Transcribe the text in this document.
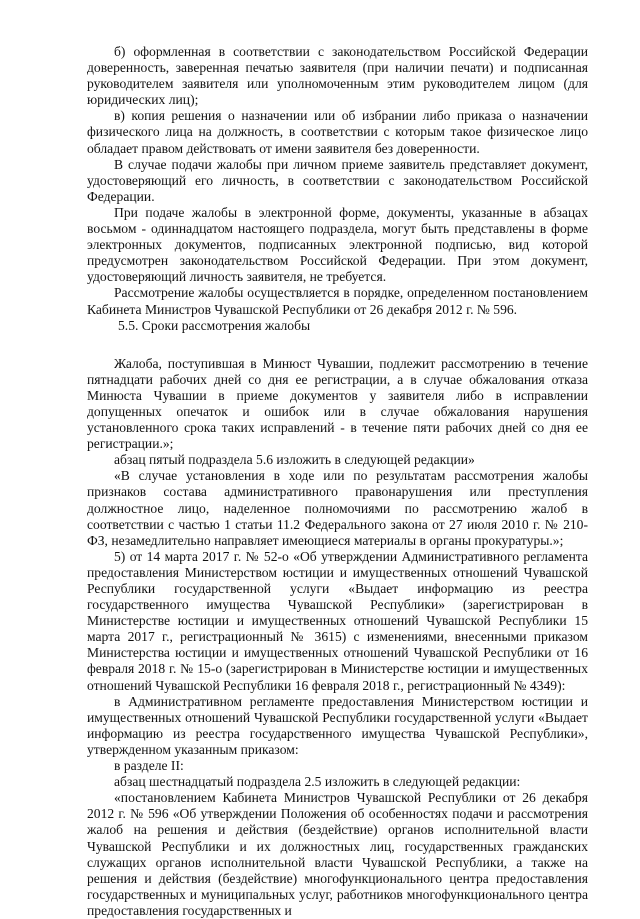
б) оформленная в соответствии с законодательством Российской Федерации доверенность, заверенная печатью заявителя (при наличии печати) и подписанная руководителем заявителя или уполномоченным этим руководителем лицом (для юридических лиц);

в) копия решения о назначении или об избрании либо приказа о назначении физического лица на должность, в соответствии с которым такое физическое лицо обладает правом действовать от имени заявителя без доверенности.

В случае подачи жалобы при личном приеме заявитель представляет документ, удостоверяющий его личность, в соответствии с законодательством Российской Федерации.

При подаче жалобы в электронной форме, документы, указанные в абзацах восьмом - одиннадцатом настоящего подраздела, могут быть представлены в форме электронных документов, подписанных электронной подписью, вид которой предусмотрен законодательством Российской Федерации. При этом документ, удостоверяющий личность заявителя, не требуется.

Рассмотрение жалобы осуществляется в порядке, определенном постановлением Кабинета Министров Чувашской Республики от 26 декабря 2012 г. № 596.

5.5. Сроки рассмотрения жалобы

Жалоба, поступившая в Минюст Чувашии, подлежит рассмотрению в течение пятнадцати рабочих дней со дня ее регистрации, а в случае обжалования отказа Минюста Чувашии в приеме документов у заявителя либо в исправлении допущенных опечаток и ошибок или в случае обжалования нарушения установленного срока таких исправлений - в течение пяти рабочих дней со дня ее регистрации.»;

абзац пятый подраздела 5.6 изложить в следующей редакции»

«В случае установления в ходе или по результатам рассмотрения жалобы признаков состава административного правонарушения или преступления должностное лицо, наделенное полномочиями по рассмотрению жалоб в соответствии с частью 1 статьи 11.2 Федерального закона от 27 июля 2010 г. № 210-ФЗ, незамедлительно направляет имеющиеся материалы в органы прокуратуры.»;

5) от 14 марта 2017 г. № 52-о «Об утверждении Административного регламента предоставления Министерством юстиции и имущественных отношений Чувашской Республики государственной услуги «Выдает информацию из реестра государственного имущества Чувашской Республики» (зарегистрирован в Министерстве юстиции и имущественных отношений Чувашской Республики 15 марта 2017 г., регистрационный № 3615) с изменениями, внесенными приказом Министерства юстиции и имущественных отношений Чувашской Республики от 16 февраля 2018 г. № 15-о (зарегистрирован в Министерстве юстиции и имущественных отношений Чувашской Республики 16 февраля 2018 г., регистрационный № 4349):

в Административном регламенте предоставления Министерством юстиции и имущественных отношений Чувашской Республики государственной услуги «Выдает информацию из реестра государственного имущества Чувашской Республики», утвержденном указанным приказом:

в разделе II:

абзац шестнадцатый подраздела 2.5 изложить в следующей редакции:

«постановлением Кабинета Министров Чувашской Республики от 26 декабря 2012 г. № 596 «Об утверждении Положения об особенностях подачи и рассмотрения жалоб на решения и действия (бездействие) органов исполнительной власти Чувашской Республики и их должностных лиц, государственных гражданских служащих органов исполнительной власти Чувашской Республики, а также на решения и действия (бездействие) многофункционального центра предоставления государственных и муниципальных услуг, работников многофункционального центра предоставления государственных и
